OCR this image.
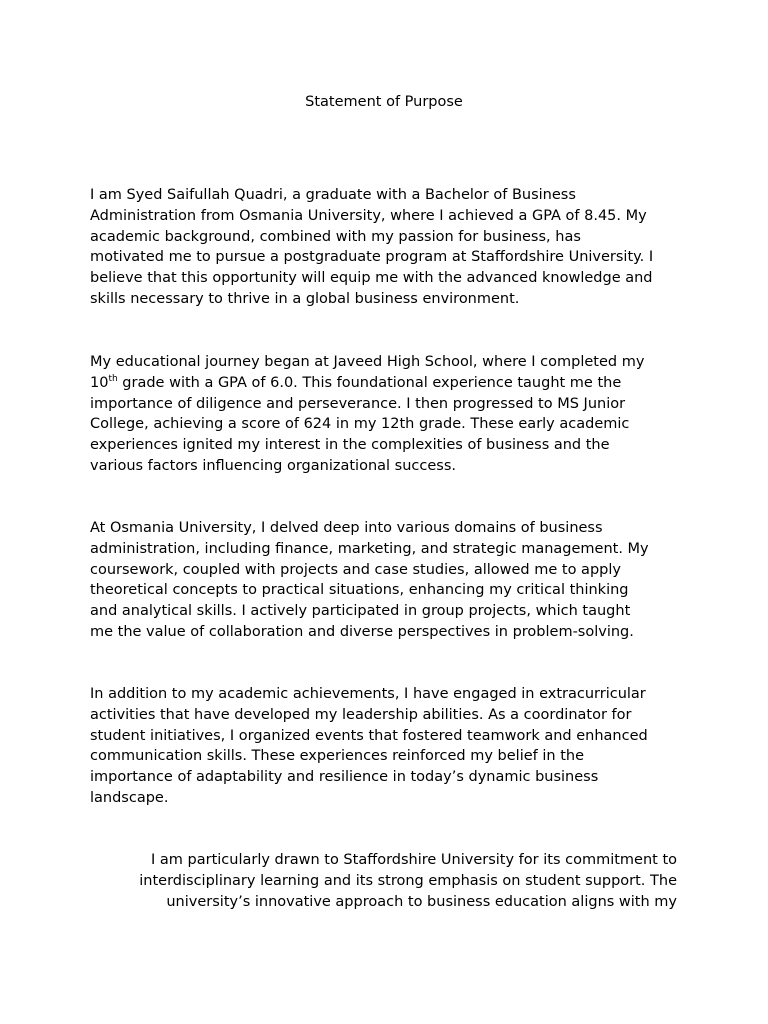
Statement of Purpose

I am Syed Saifullah Quadri, a graduate with a Bachelor of Business
Administration from Osmania University, where I achieved a GPA of 8.45. My
academic background, combined with my passion for business, has
motivated me to pursue a postgraduate program at Staffordshire University. I
believe that this opportunity will equip me with the advanced knowledge and
skills necessary to thrive in a global business environment.

My educational journey began at Javeed High School, where I completed my
10th grade with a GPA of 6.0. This foundational experience taught me the
importance of diligence and perseverance. I then progressed to MS Junior
College, achieving a score of 624 in my 12th grade. These early academic
experiences ignited my interest in the complexities of business and the
various factors influencing organizational success.

At Osmania University, I delved deep into various domains of business
administration, including finance, marketing, and strategic management. My
coursework, coupled with projects and case studies, allowed me to apply
theoretical concepts to practical situations, enhancing my critical thinking
and analytical skills. I actively participated in group projects, which taught
me the value of collaboration and diverse perspectives in problem-solving.

In addition to my academic achievements, I have engaged in extracurricular
activities that have developed my leadership abilities. As a coordinator for
student initiatives, I organized events that fostered teamwork and enhanced
communication skills. These experiences reinforced my belief in the
importance of adaptability and resilience in today’s dynamic business
landscape.

I am particularly drawn to Staffordshire University for its commitment to
interdisciplinary learning and its strong emphasis on student support. The
university’s innovative approach to business education aligns with my
